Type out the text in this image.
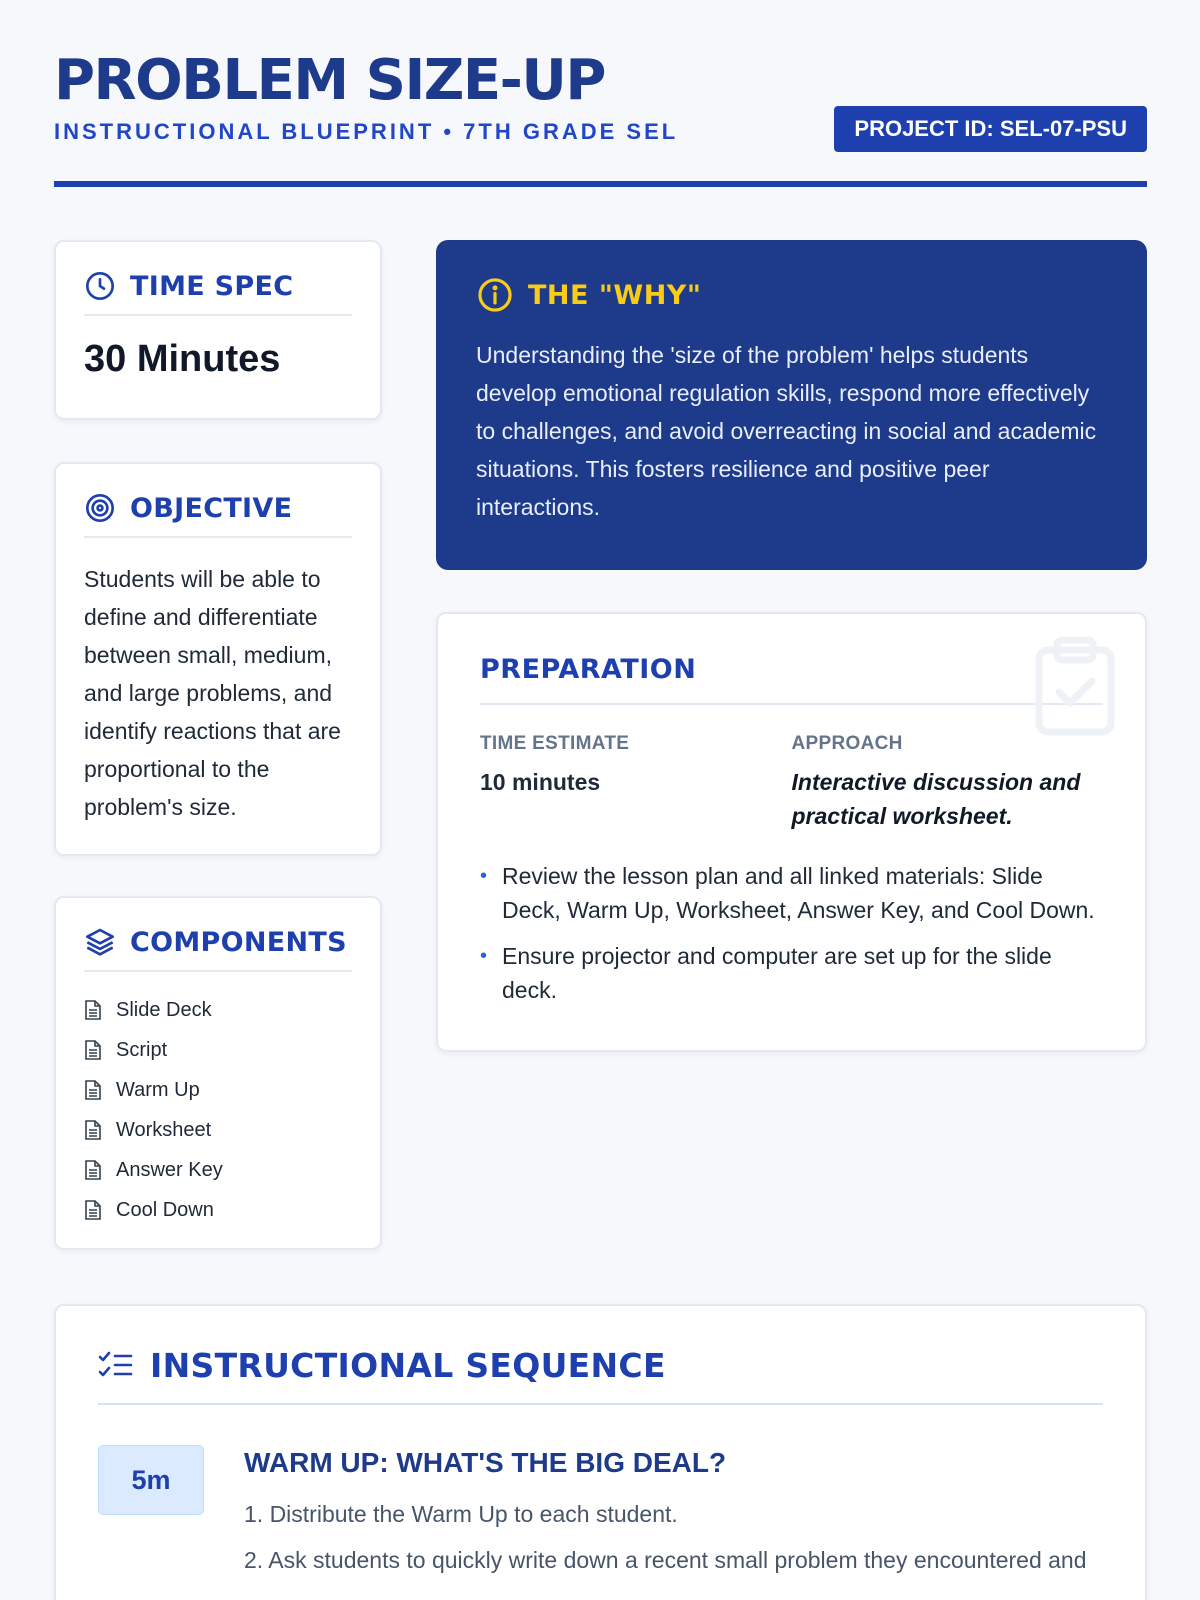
PROBLEM SIZE-UP
INSTRUCTIONAL BLUEPRINT • 7TH GRADE SEL	PROJECT ID: SEL-07-PSU
TIME SPEC
30 Minutes
OBJECTIVE
Students will be able to define and differentiate between small, medium, and large problems, and identify reactions that are proportional to the problem's size.
COMPONENTS
Slide Deck
Script
Warm Up
Worksheet
Answer Key
Cool Down
THE "WHY"
Understanding the 'size of the problem' helps students develop emotional regulation skills, respond more effectively to challenges, and avoid overreacting in social and academic situations. This fosters resilience and positive peer interactions.
PREPARATION
TIME ESTIMATE
10 minutes
APPROACH
Interactive discussion and practical worksheet.
• Review the lesson plan and all linked materials: Slide Deck, Warm Up, Worksheet, Answer Key, and Cool Down.
• Ensure projector and computer are set up for the slide deck.
INSTRUCTIONAL SEQUENCE
5m
WARM UP: WHAT'S THE BIG DEAL?
1. Distribute the Warm Up to each student.
2. Ask students to quickly write down a recent small problem they encountered and
